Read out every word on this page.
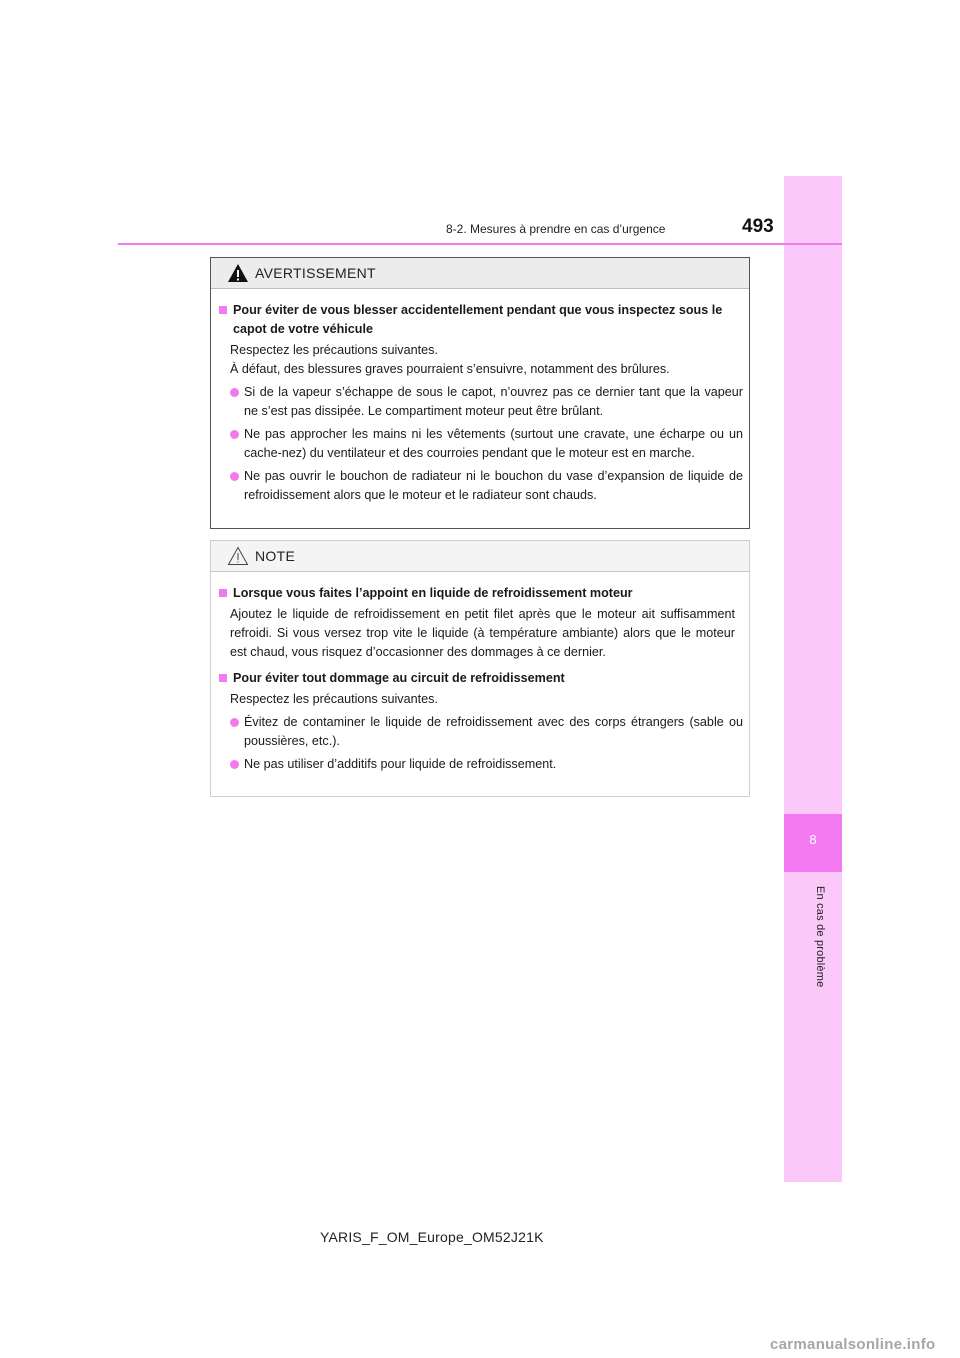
8
En cas de problème
8-2. Mesures à prendre en cas d’urgence	493
AVERTISSEMENT
Pour éviter de vous blesser accidentellement pendant que vous inspectez sous le capot de votre véhicule
Respectez les précautions suivantes.
À défaut, des blessures graves pourraient s’ensuivre, notamment des brûlures.
Si de la vapeur s’échappe de sous le capot, n’ouvrez pas ce dernier tant que la vapeur ne s’est pas dissipée. Le compartiment moteur peut être brûlant.
Ne pas approcher les mains ni les vêtements (surtout une cravate, une écharpe ou un cache-nez) du ventilateur et des courroies pendant que le moteur est en marche.
Ne pas ouvrir le bouchon de radiateur ni le bouchon du vase d’expansion de liquide de refroidissement alors que le moteur et le radiateur sont chauds.
NOTE
Lorsque vous faites l’appoint en liquide de refroidissement moteur
Ajoutez le liquide de refroidissement en petit filet après que le moteur ait suffisamment refroidi. Si vous versez trop vite le liquide (à température ambiante) alors que le moteur est chaud, vous risquez d’occasionner des dommages à ce dernier.
Pour éviter tout dommage au circuit de refroidissement
Respectez les précautions suivantes.
Évitez de contaminer le liquide de refroidissement avec des corps étrangers (sable ou poussières, etc.).
Ne pas utiliser d’additifs pour liquide de refroidissement.
YARIS_F_OM_Europe_OM52J21K
carmanualsonline.info
